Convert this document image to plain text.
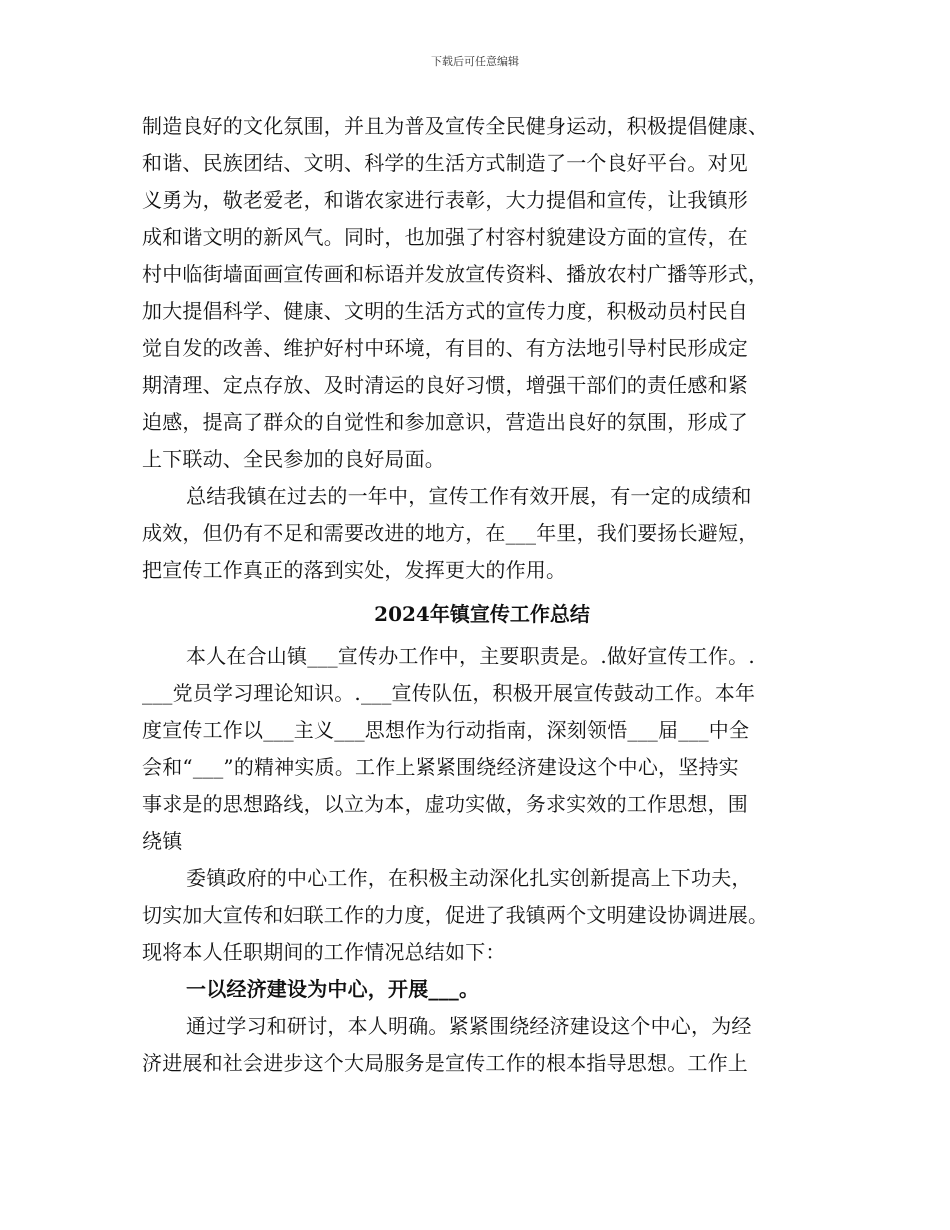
下载后可任意编辑
制造良好的文化氛围，并且为普及宣传全民健身运动，积极提倡健康、
和谐、民族团结、文明、科学的生活方式制造了一个良好平台。对见
义勇为，敬老爱老，和谐农家进行表彰，大力提倡和宣传，让我镇形
成和谐文明的新风气。同时，也加强了村容村貌建设方面的宣传，在
村中临街墙面画宣传画和标语并发放宣传资料、播放农村广播等形式，
加大提倡科学、健康、文明的生活方式的宣传力度，积极动员村民自
觉自发的改善、维护好村中环境，有目的、有方法地引导村民形成定
期清理、定点存放、及时清运的良好习惯，增强干部们的责任感和紧
迫感，提高了群众的自觉性和参加意识，营造出良好的氛围，形成了
上下联动、全民参加的良好局面。
总结我镇在过去的一年中，宣传工作有效开展，有一定的成绩和
成效，但仍有不足和需要改进的地方，在___年里，我们要扬长避短，
把宣传工作真正的落到实处，发挥更大的作用。
2024年镇宣传工作总结
本人在合山镇___宣传办工作中，主要职责是。.做好宣传工作。.
___党员学习理论知识。.___宣传队伍，积极开展宣传鼓动工作。本年
度宣传工作以___主义___思想作为行动指南，深刻领悟___届___中全
会和“___”的精神实质。工作上紧紧围绕经济建设这个中心，坚持实
事求是的思想路线，以立为本，虚功实做，务求实效的工作思想，围
绕镇
委镇政府的中心工作，在积极主动深化扎实创新提高上下功夫，
切实加大宣传和妇联工作的力度，促进了我镇两个文明建设协调进展。
现将本人任职期间的工作情况总结如下：
一以经济建设为中心，开展___。
通过学习和研讨，本人明确。紧紧围绕经济建设这个中心，为经
济进展和社会进步这个大局服务是宣传工作的根本指导思想。工作上
